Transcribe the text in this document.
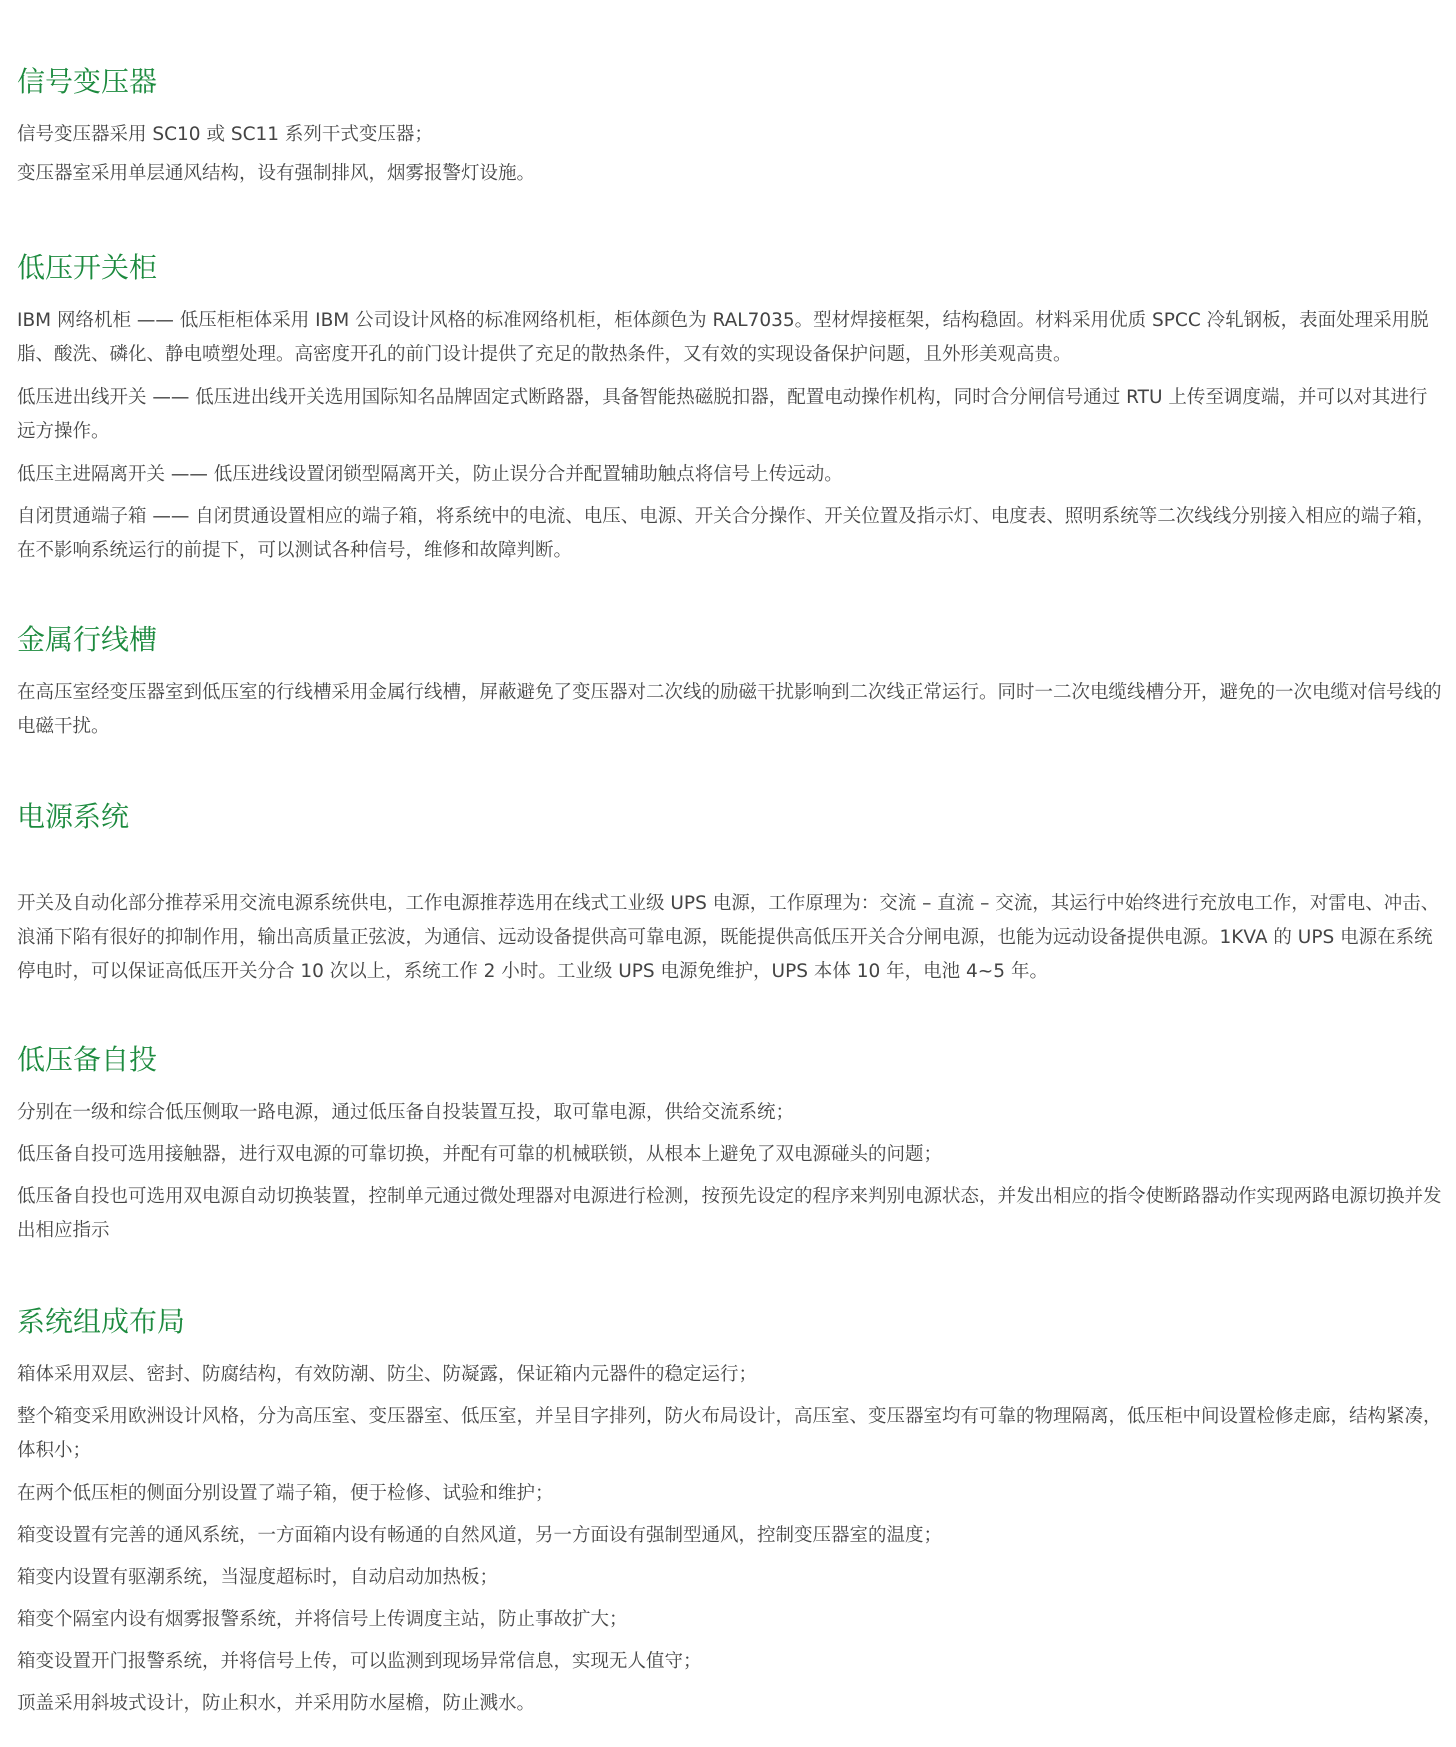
信号变压器

信号变压器采用 SC10 或 SC11 系列干式变压器；

变压器室采用单层通风结构，设有强制排风，烟雾报警灯设施。

低压开关柜

IBM 网络机柜 —— 低压柜柜体采用 IBM 公司设计风格的标准网络机柜，柜体颜色为 RAL7035。型材焊接框架，结构稳固。材料采用优质 SPCC 冷轧钢板，表面处理采用脱脂、酸洗、磷化、静电喷塑处理。高密度开孔的前门设计提供了充足的散热条件，又有效的实现设备保护问题，且外形美观高贵。

低压进出线开关 —— 低压进出线开关选用国际知名品牌固定式断路器，具备智能热磁脱扣器，配置电动操作机构，同时合分闸信号通过 RTU 上传至调度端，并可以对其进行远方操作。

低压主进隔离开关 —— 低压进线设置闭锁型隔离开关，防止误分合并配置辅助触点将信号上传远动。

自闭贯通端子箱 —— 自闭贯通设置相应的端子箱，将系统中的电流、电压、电源、开关合分操作、开关位置及指示灯、电度表、照明系统等二次线线分别接入相应的端子箱，在不影响系统运行的前提下，可以测试各种信号，维修和故障判断。

金属行线槽

在高压室经变压器室到低压室的行线槽采用金属行线槽，屏蔽避免了变压器对二次线的励磁干扰影响到二次线正常运行。同时一二次电缆线槽分开，避免的一次电缆对信号线的电磁干扰。

电源系统

开关及自动化部分推荐采用交流电源系统供电，工作电源推荐选用在线式工业级 UPS 电源，工作原理为：交流 – 直流 – 交流，其运行中始终进行充放电工作，对雷电、冲击、浪涌下陷有很好的抑制作用，输出高质量正弦波，为通信、远动设备提供高可靠电源，既能提供高低压开关合分闸电源，也能为远动设备提供电源。1KVA 的 UPS 电源在系统停电时，可以保证高低压开关分合 10 次以上，系统工作 2 小时。工业级 UPS 电源免维护，UPS 本体 10 年，电池 4~5 年。

低压备自投

分别在一级和综合低压侧取一路电源，通过低压备自投装置互投，取可靠电源，供给交流系统；

低压备自投可选用接触器，进行双电源的可靠切换，并配有可靠的机械联锁，从根本上避免了双电源碰头的问题；

低压备自投也可选用双电源自动切换装置，控制单元通过微处理器对电源进行检测，按预先设定的程序来判别电源状态，并发出相应的指令使断路器动作实现两路电源切换并发出相应指示

系统组成布局

箱体采用双层、密封、防腐结构，有效防潮、防尘、防凝露，保证箱内元器件的稳定运行；

整个箱变采用欧洲设计风格，分为高压室、变压器室、低压室，并呈目字排列，防火布局设计，高压室、变压器室均有可靠的物理隔离，低压柜中间设置检修走廊，结构紧凑，体积小；

在两个低压柜的侧面分别设置了端子箱，便于检修、试验和维护；

箱变设置有完善的通风系统，一方面箱内设有畅通的自然风道，另一方面设有强制型通风，控制变压器室的温度；

箱变内设置有驱潮系统，当湿度超标时，自动启动加热板；

箱变个隔室内设有烟雾报警系统，并将信号上传调度主站，防止事故扩大；

箱变设置开门报警系统，并将信号上传，可以监测到现场异常信息，实现无人值守；

顶盖采用斜坡式设计，防止积水，并采用防水屋檐，防止溅水。
